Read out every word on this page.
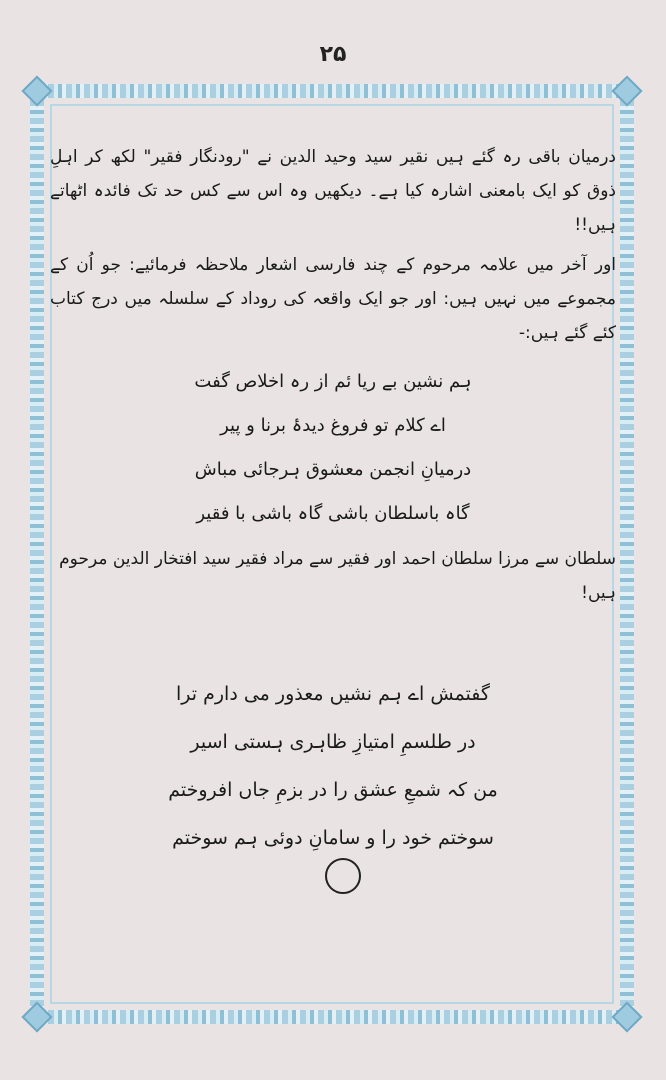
۲۵

درمیان باقی رہ گئے ہیں نقیر سید وحید الدین نے "رودنگار فقیر" لکھ کر اہلِ ذوق کو ایک بامعنی اشارہ کیا ہے۔ دیکھیں وہ اس سے کس حد تک فائدہ اٹھاتے ہیں!!

اور آخر میں علامہ مرحوم کے چند فارسی اشعار ملاحظہ فرمائیے: جو اُن کے مجموعے میں نہیں ہیں: اور جو ایک واقعہ کی روداد کے سلسلہ میں درج کتاب کئے گئے ہیں:-

ہم نشین بے ریا ئم از رہ اخلاص گفت

اے کلام تو فروغ دیدۂ برنا و پیر

درمیانِ انجمن معشوق ہرجائی مباش

گاہ باسلطان باشی گاہ باشی با فقیر

سلطان سے مرزا سلطان احمد اور فقیر سے مراد فقیر سید افتخار الدین مرحوم ہیں!

گفتمش اے ہم نشیں معذور می دارم ترا

در طلسمِ امتیازِ ظاہری ہستی اسیر

من کہ شمعِ عشق را در بزمِ جاں افروختم

سوختم خود را و سامانِ دوئی ہم سوختم
